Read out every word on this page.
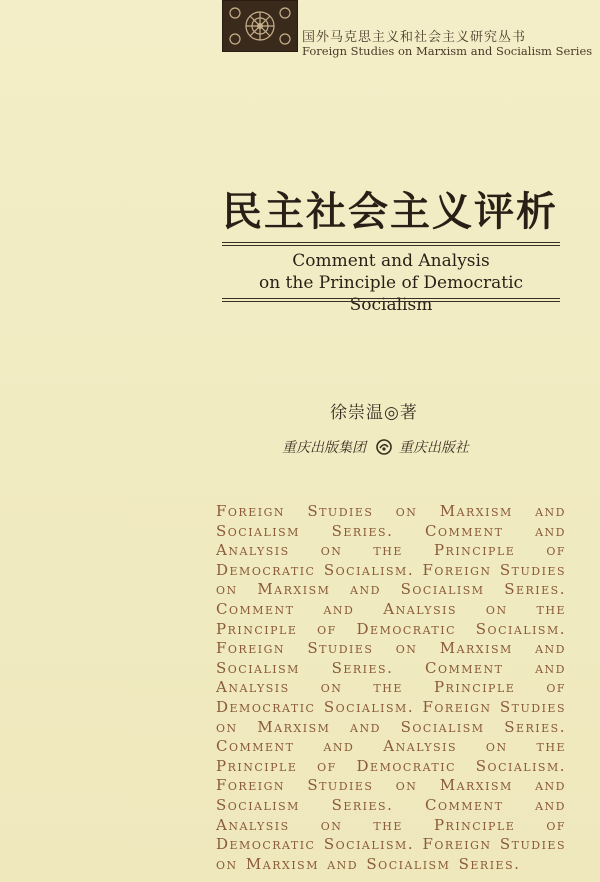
国外马克思主义和社会主义研究丛书
Foreign Studies on Marxism and Socialism Series
民主社会主义评析
Comment and Analysis
on the Principle of Democratic Socialism
徐崇温◎著
重庆出版集团 重庆出版社
Foreign Studies on Marxism and Socialism Series. Comment and Analysis on the Principle of Democratic Socialism. Foreign Studies on Marxism and Socialism Series. Comment and Analysis on the Principle of Democratic Socialism. Foreign Studies on Marxism and Socialism Series. Comment and Analysis on the Principle of Democratic Socialism. Foreign Studies on Marxism and Socialism Series. Comment and Analysis on the Principle of Democratic Socialism. Foreign Studies on Marxism and Socialism Series. Comment and Analysis on the Principle of Democratic Socialism. Foreign Studies on Marxism and Socialism Series.
